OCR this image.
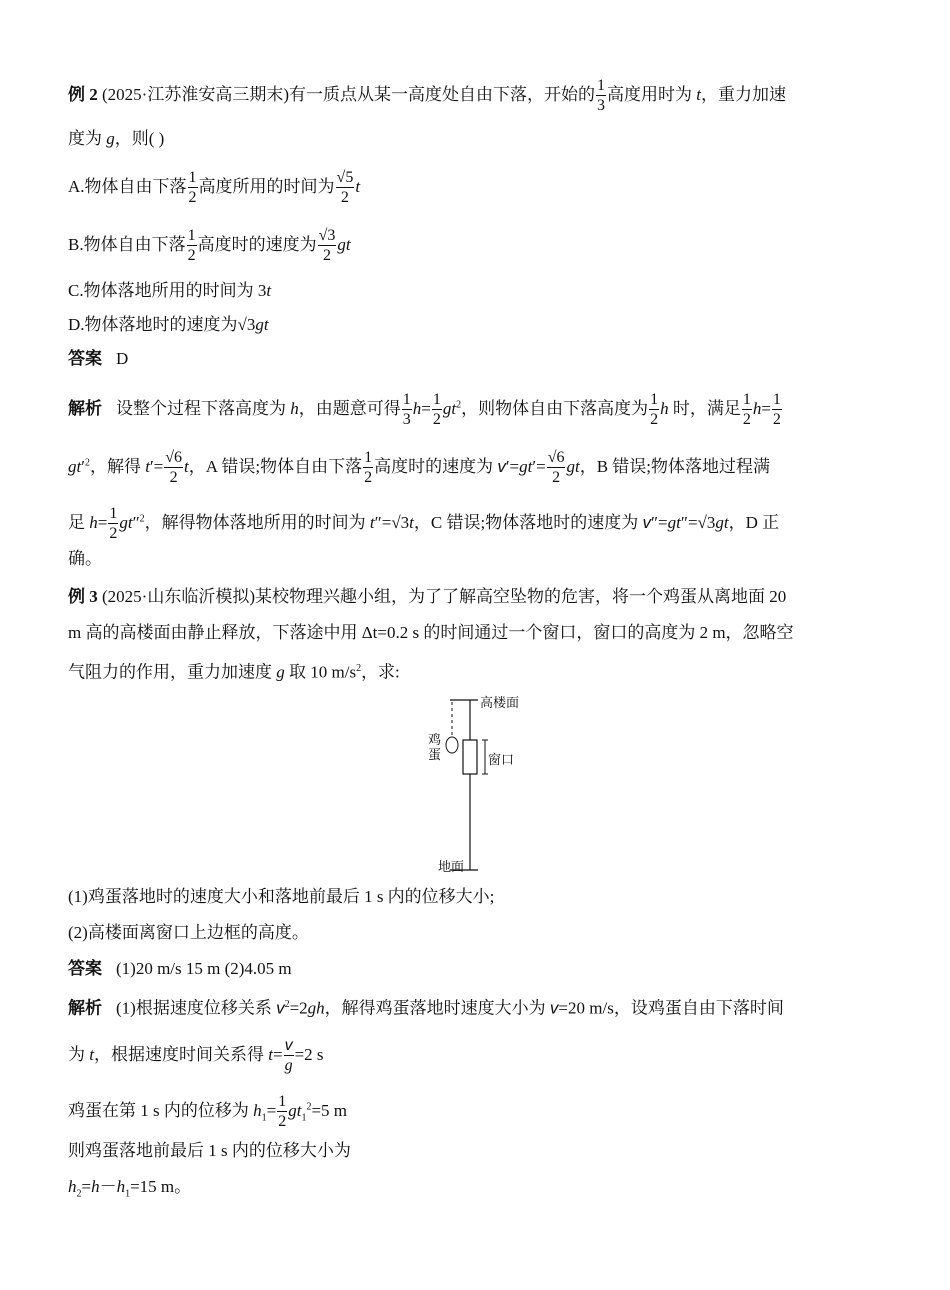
例 2 (2025·江苏淮安高三期末)有一质点从某一高度处自由下落，开始的 $\frac{1}{3}$ 高度用时为 t，重力加速
度为 g，则( )
A.物体自由下落 $\frac{1}{2}$ 高度所用的时间为 $\frac{√5}{2}$ t
B.物体自由下落 $\frac{1}{2}$ 高度时的速度为 $\frac{√3}{2}$ gt
C.物体落地所用的时间为 3t
D.物体落地时的速度为√3gt
答案 D
解析 设整个过程下落高度为 h，由题意可得 $\frac{1}{3} h= \frac{1}{2} gt^2$，则物体自由下落高度为 $\frac{1}{2}$ h 时，满足 $\frac{1}{2} h= \frac{1}{2}$
$gt'^2$，解得 $t'= \frac{√6}{2}$ t，A 错误;物体自由下落 $\frac{1}{2}$ 高度时的速度为 $v'=gt'= \frac{√6}{2}$ gt，B 错误;物体落地过程满
足 $h= \frac{1}{2} gt''^2$，解得物体落地所用的时间为 t″=√3t，C 错误;物体落地时的速度为 v″=gt″=√3gt，D 正
确。
例 3 (2025·山东临沂模拟)某校物理兴趣小组，为了了解高空坠物的危害，将一个鸡蛋从离地面 20
m 高的高楼面由静止释放，下落途中用 Δt=0.2 s 的时间通过一个窗口，窗口的高度为 2 m，忽略空
气阻力的作用，重力加速度 g 取 10 $m/s^2$，求:
高楼面
鸡蛋	窗口
地面
(1)鸡蛋落地时的速度大小和落地前最后 1 s 内的位移大小;
(2)高楼面离窗口上边框的高度。
答案 (1)20 m/s 15 m (2)4.05 m
解析 (1)根据速度位移关系 $v^2=2gh$，解得鸡蛋落地时速度大小为 v=20 m/s，设鸡蛋自由下落时间
为 t，根据速度时间关系得 $t= \frac{v}{g} =2$ s
鸡蛋在第 1 s 内的位移为 $h_1= \frac{1}{2} gt_1^2=5$ m
则鸡蛋落地前最后 1 s 内的位移大小为
$h_2=h-h_1=15$ m。
